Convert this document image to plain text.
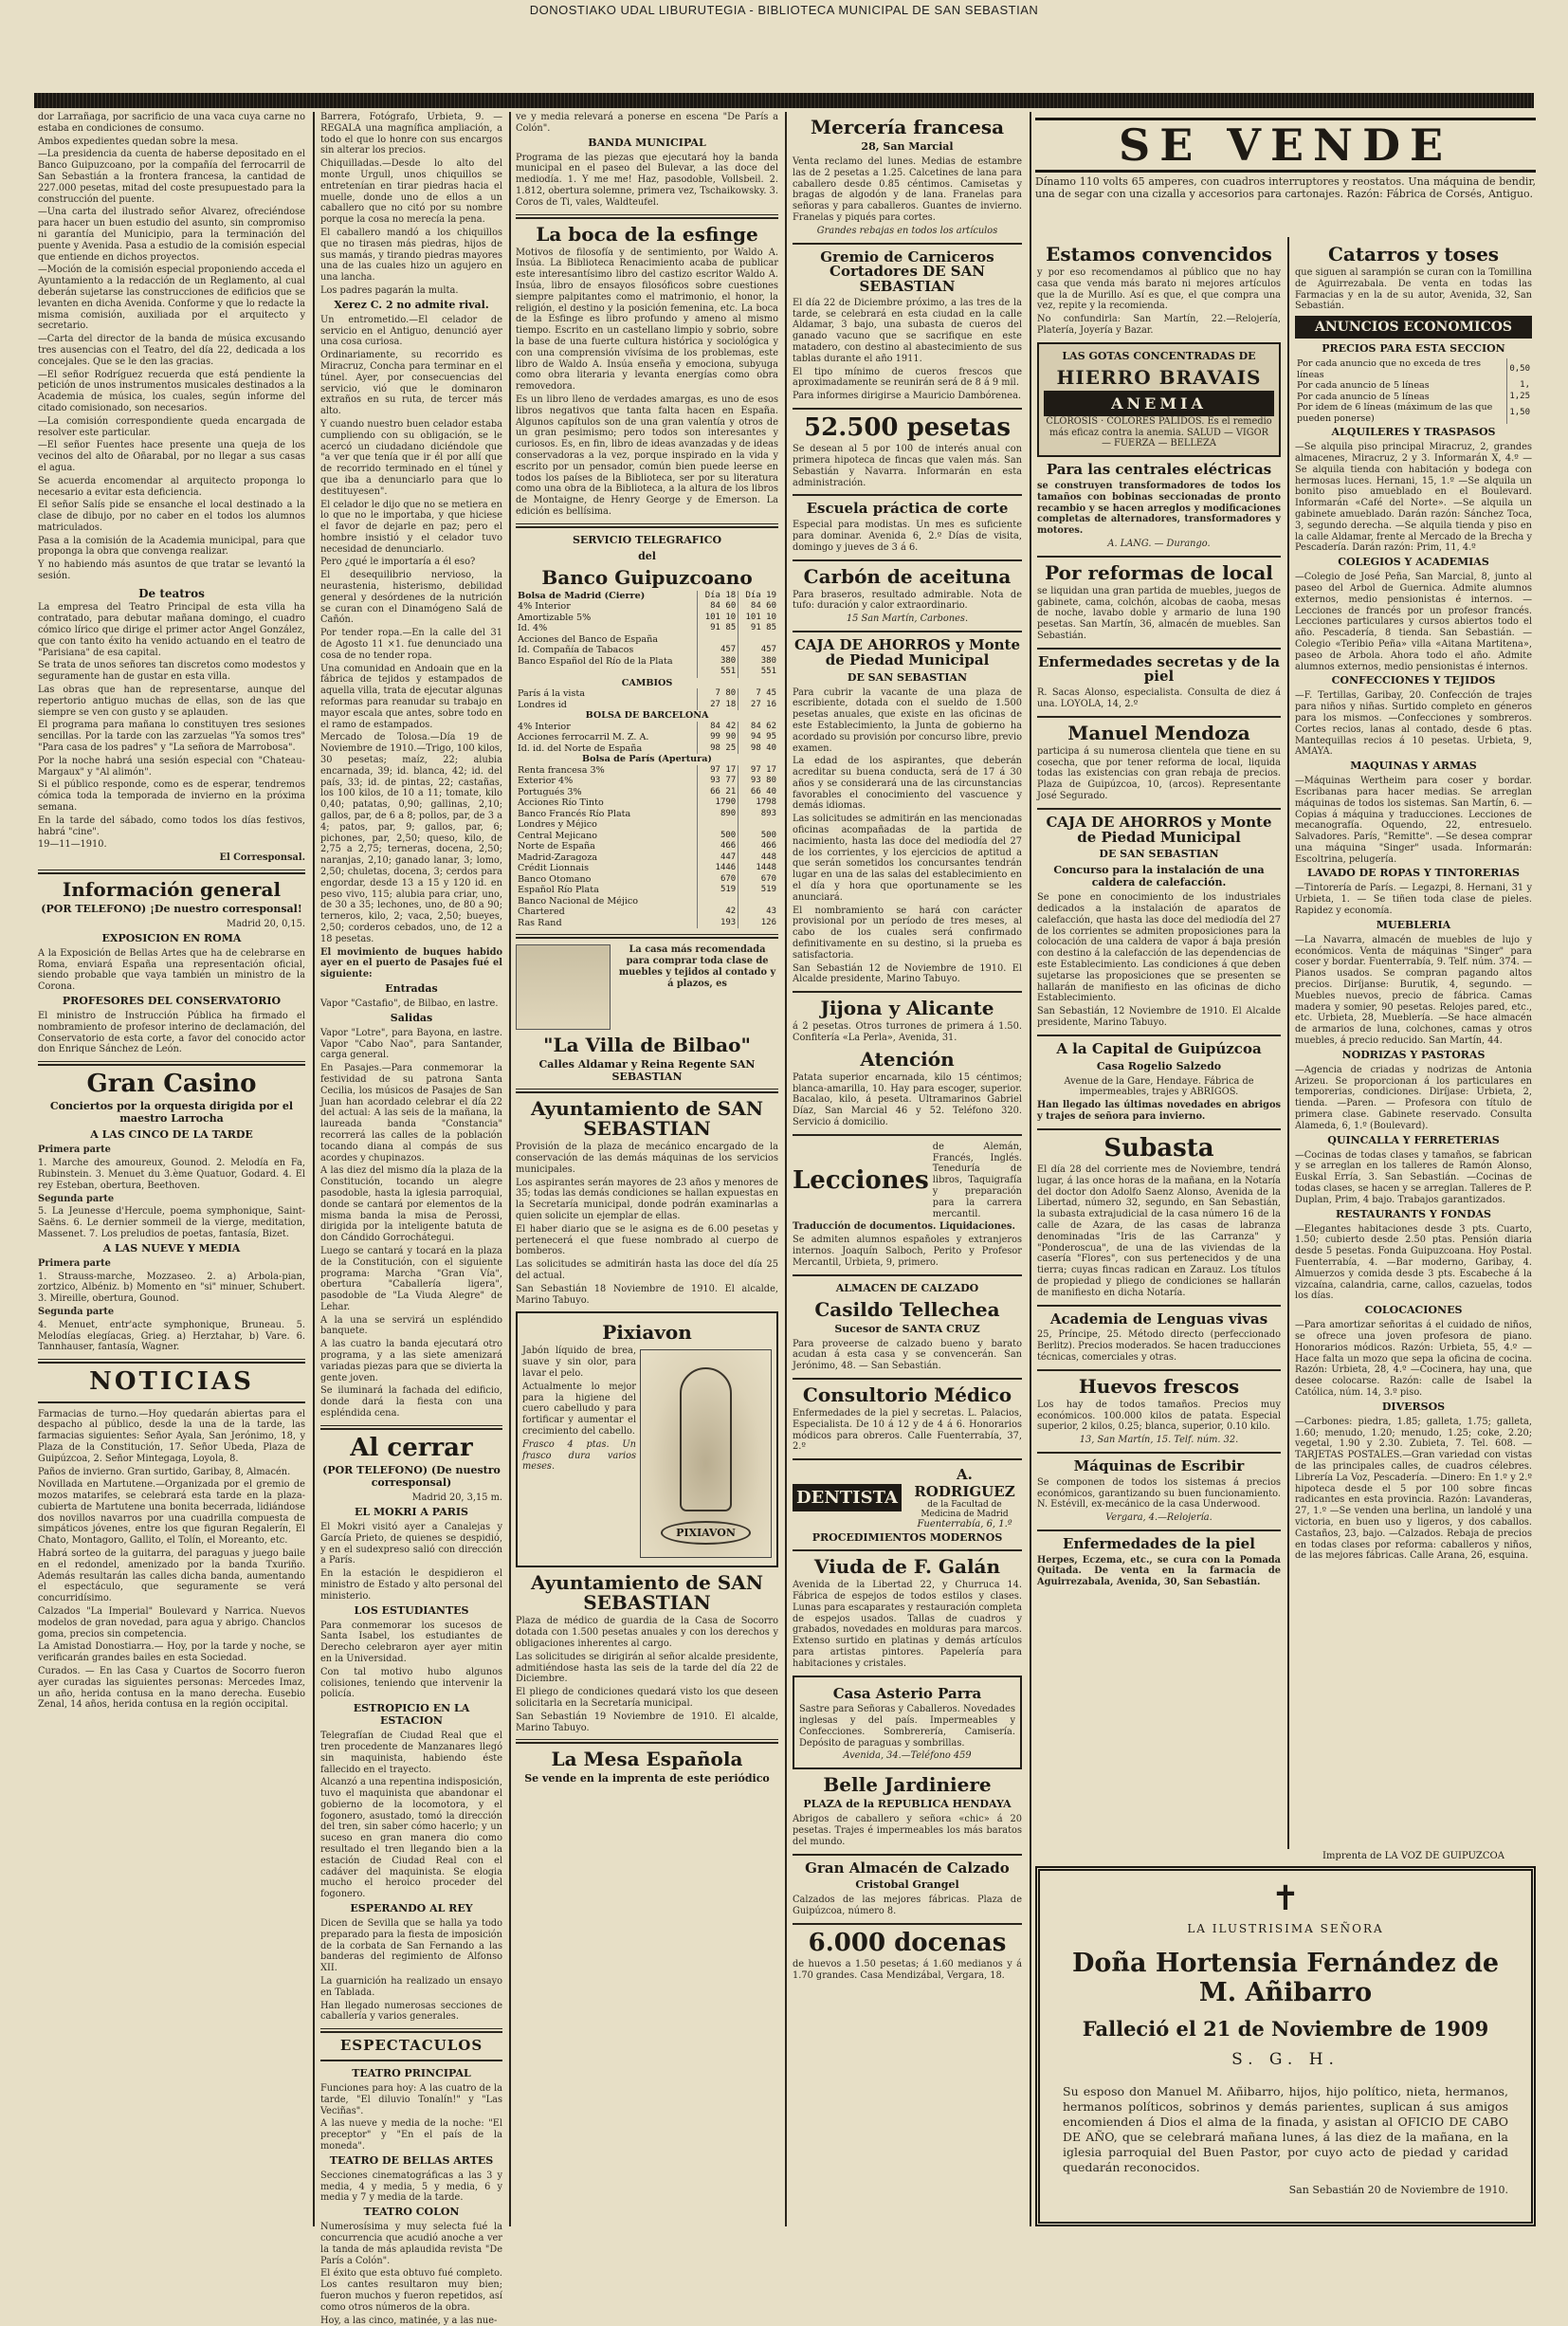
DONOSTIAKO UDAL LIBURUTEGIA - BIBLIOTECA MUNICIPAL DE SAN SEBASTIAN

dor Larrañaga, por sacrificio de una vaca cuya carne no estaba en condiciones de consumo.

Ambos expedientes quedan sobre la mesa.

—La presidencia da cuenta de haberse depositado en el Banco Guipuzcoano, por la compañía del ferrocarril de San Sebastián a la frontera francesa, la cantidad de 227.000 pesetas, mitad del coste presupuestado para la construcción del puente.

—Una carta del ilustrado señor Alvarez, ofreciéndose para hacer un buen estudio del asunto, sin compromiso ni garantía del Municipio, para la terminación del puente y Avenida. Pasa a estudio de la comisión especial que entiende en dichos proyectos.

—Moción de la comisión especial proponiendo acceda el Ayuntamiento a la redacción de un Reglamento, al cual deberán sujetarse las construcciones de edificios que se levanten en dicha Avenida. Conforme y que lo redacte la misma comisión, auxiliada por el arquitecto y secretario.

—Carta del director de la banda de música excusando tres ausencias con el Teatro, del día 22, dedicada a los concejales. Que se le den las gracias.

—El señor Rodríguez recuerda que está pendiente la petición de unos instrumentos musicales destinados a la Academia de música, los cuales, según informe del citado comisionado, son necesarios.

—La comisión correspondiente queda encargada de resolver este particular.

—El señor Fuentes hace presente una queja de los vecinos del alto de Oñarabal, por no llegar a sus casas el agua.

Se acuerda encomendar al arquitecto proponga lo necesario a evitar esta deficiencia.

El señor Salís pide se ensanche el local destinado a la clase de dibujo, por no caber en el todos los alumnos matriculados.

Pasa a la comisión de la Academia municipal, para que proponga la obra que convenga realizar.

Y no habiendo más asuntos de que tratar se levantó la sesión.

De teatros

La empresa del Teatro Principal de esta villa ha contratado, para debutar mañana domingo, el cuadro cómico lírico que dirige el primer actor Angel González, que con tanto éxito ha venido actuando en el teatro de "Parisiana" de esa capital.

Se trata de unos señores tan discretos como modestos y seguramente han de gustar en esta villa.

Las obras que han de representarse, aunque del repertorio antiguo muchas de ellas, son de las que siempre se ven con gusto y se aplauden.

El programa para mañana lo constituyen tres sesiones sencillas. Por la tarde con las zarzuelas "Ya somos tres" "Para casa de los padres" y "La señora de Marrobosa".

Por la noche habrá una sesión especial con "Chateau-Margaux" y "Al alimón".

Si el público responde, como es de esperar, tendremos cómica toda la temporada de invierno en la próxima semana.

En la tarde del sábado, como todos los días festivos, habrá "cine".

19—11—1910.

El Corresponsal.

Información general
(POR TELEFONO) ¡De nuestro corresponsal!

Madrid 20, 0,15.

EXPOSICION EN ROMA

A la Exposición de Bellas Artes que ha de celebrarse en Roma, enviará España una representación oficial, siendo probable que vaya también un ministro de la Corona.

PROFESORES DEL CONSERVATORIO

El ministro de Instrucción Pública ha firmado el nombramiento de profesor interino de declamación, del Conservatorio de esta corte, a favor del conocido actor don Enrique Sánchez de León.

Gran Casino
Conciertos por la orquesta dirigida por el maestro Larrocha
A LAS CINCO DE LA TARDE

Primera parte

1. Marche des amoureux, Gounod. 2. Melodía en Fa, Rubinstein. 3. Menuet du 3.ème Quatuor, Godard. 4. El rey Esteban, obertura, Beethoven.

Segunda parte

5. La Jeunesse d'Hercule, poema symphonique, Saint-Saëns. 6. Le dernier sommeil de la vierge, meditation, Massenet. 7. Los preludios de poetas, fantasía, Bizet.

A LAS NUEVE Y MEDIA

Primera parte

1. Strauss-marche, Mozzaseo. 2. a) Arbola-pian, zortzico, Albéniz. b) Momento en "si" minuer, Schubert. 3. Mireille, obertura, Gounod.

Segunda parte

4. Menuet, entr'acte symphonique, Bruneau. 5. Melodías elegíacas, Grieg. a) Herztahar, b) Vare. 6. Tannhauser, fantasía, Wagner.

NOTICIAS

Farmacias de turno.—Hoy quedarán abiertas para el despacho al público, desde la una de la tarde, las farmacias siguientes: Señor Ayala, San Jerónimo, 18, y Plaza de la Constitución, 17. Señor Ubeda, Plaza de Guipúzcoa, 2. Señor Mintegaga, Loyola, 8.

Paños de invierno. Gran surtido, Garibay, 8, Almacén.

Novillada en Martutene.—Organizada por el gremio de mozos matarifes, se celebrará esta tarde en la plaza-cubierta de Martutene una bonita becerrada, lidiándose dos novillos navarros por una cuadrilla compuesta de simpáticos jóvenes, entre los que figuran Regalerín, El Chato, Montagoro, Gallito, el Tolín, el Moreanto, etc.

Habrá sorteo de la guitarra, del paraguas y juego baile en el redondel, amenizado por la banda Txuriño. Además resultarán las calles dicha banda, aumentando el espectáculo, que seguramente se verá concurridísimo.

Calzados "La Imperial" Boulevard y Narrica. Nuevos modelos de gran novedad, para agua y abrigo. Chanclos goma, precios sin competencia.

La Amistad Donostiarra.— Hoy, por la tarde y noche, se verificarán grandes bailes en esta Sociedad.

Curados. — En las Casa y Cuartos de Socorro fueron ayer curadas las siguientes personas: Mercedes Imaz, un año, herida contusa en la mano derecha. Eusebio Zenal, 14 años, herida contusa en la región occipital.

Barrera, Fotógrafo, Urbieta, 9. — REGALA una magnífica ampliación, a todo el que lo honre con sus encargos sin alterar los precios.

Chiquilladas.—Desde lo alto del monte Urgull, unos chiquillos se entretenían en tirar piedras hacia el muelle, donde uno de ellos a un caballero que no citó por su nombre porque la cosa no merecía la pena.

El caballero mandó a los chiquillos que no tirasen más piedras, hijos de sus mamás, y tirando piedras mayores una de las cuales hizo un agujero en una lancha.

Los padres pagarán la multa.

Xerez C. 2 no admite rival.

Un entrometido.—El celador de servicio en el Antiguo, denunció ayer una cosa curiosa.

Ordinariamente, su recorrido es Miracruz, Concha para terminar en el túnel. Ayer, por consecuencias del servicio, vió que le dominaron extraños en su ruta, de tercer más alto.

Y cuando nuestro buen celador estaba cumpliendo con su obligación, se le acercó un ciudadano diciéndole que "a ver que tenía que ir él por allí que de recorrido terminado en el túnel y que iba a denunciarlo para que lo destituyesen".

El celador le dijo que no se metiera en lo que no le importaba, y que hiciese el favor de dejarle en paz; pero el hombre insistió y el celador tuvo necesidad de denunciarlo.

Pero ¿qué le importaría a él eso?

El desequilibrio nervioso, la neurastenia, histerismo, debilidad general y desórdenes de la nutrición se curan con el Dinamógeno Salá de Cañón.

Por tender ropa.—En la calle del 31 de Agosto 11 ×1. fue denunciado una cosa de no tender ropa.

Una comunidad en Andoain que en la fábrica de tejidos y estampados de aquella villa, trata de ejecutar algunas reformas para reanudar su trabajo en mayor escala que antes, sobre todo en el ramo de estampados.

Mercado de Tolosa.—Día 19 de Noviembre de 1910.—Trigo, 100 kilos, 30 pesetas; maíz, 22; alubia encarnada, 39; id. blanca, 42; id. del país, 33; id. de pintas, 22; castañas, los 100 kilos, de 10 a 11; tomate, kilo 0,40; patatas, 0,90; gallinas, 2,10; gallos, par, de 6 a 8; pollos, par, de 3 a 4; patos, par, 9; gallos, par, 6; pichones, par, 2,50; queso, kilo, de 2,75 a 2,75; terneras, docena, 2,50; naranjas, 2,10; ganado lanar, 3; lomo, 2,50; chuletas, docena, 3; cerdos para engordar, desde 13 a 15 y 120 id. en peso vivo, 115; alubia para criar, uno, de 30 a 35; lechones, uno, de 80 a 90; terneros, kilo, 2; vaca, 2,50; bueyes, 2,50; corderos cebados, uno, de 12 a 18 pesetas.

El movimiento de buques habido ayer en el puerto de Pasajes fué el siguiente:

Entradas

Vapor "Castafio", de Bilbao, en lastre.

Salidas

Vapor "Lotre", para Bayona, en lastre. Vapor "Cabo Nao", para Santander, carga general.

En Pasajes.—Para conmemorar la festividad de su patrona Santa Cecilia, los músicos de Pasajes de San Juan han acordado celebrar el día 22 del actual: A las seis de la mañana, la laureada banda "Constancia" recorrerá las calles de la población tocando diana al compás de sus acordes y chupinazos.

A las diez del mismo día la plaza de la Constitución, tocando un alegre pasodoble, hasta la iglesia parroquial, donde se cantará por elementos de la misma banda la misa de Perossi, dirigida por la inteligente batuta de don Cándido Gorrochátegui.

Luego se cantará y tocará en la plaza de la Constitución, con el siguiente programa: Marcha "Gran Vía", obertura "Caballería ligera", pasodoble de "La Viuda Alegre" de Lehar.

A la una se servirá un espléndido banquete.

A las cuatro la banda ejecutará otro programa, y a las siete amenizará variadas piezas para que se divierta la gente joven.

Se iluminará la fachada del edificio, donde dará la fiesta con una espléndida cena.

Al cerrar
(POR TELEFONO) (De nuestro corresponsal)

Madrid 20, 3,15 m.

EL MOKRI A PARIS

El Mokri visitó ayer a Canalejas y García Prieto, de quienes se despidió, y en el sudexpreso salió con dirección a París.

En la estación le despidieron el ministro de Estado y alto personal del ministerio.

LOS ESTUDIANTES

Para conmemorar los sucesos de Santa Isabel, los estudiantes de Derecho celebraron ayer ayer mitin en la Universidad.

Con tal motivo hubo algunos colisiones, teniendo que intervenir la policía.

ESTROPICIO EN LA ESTACION

Telegrafían de Ciudad Real que el tren procedente de Manzanares llegó sin maquinista, habiendo éste fallecido en el trayecto.

Alcanzó a una repentina indisposición, tuvo el maquinista que abandonar el gobierno de la locomotora, y el fogonero, asustado, tomó la dirección del tren, sin saber cómo hacerlo; y un suceso en gran manera dio como resultado el tren llegando bien a la estación de Ciudad Real con el cadáver del maquinista. Se elogia mucho el heroico proceder del fogonero.

ESPERANDO AL REY

Dicen de Sevilla que se halla ya todo preparado para la fiesta de imposición de la corbata de San Fernando a las banderas del regimiento de Alfonso XII.

La guarnición ha realizado un ensayo en Tablada.

Han llegado numerosas secciones de caballería y varios generales.

ESPECTACULOS
TEATRO PRINCIPAL

Funciones para hoy: A las cuatro de la tarde, "El diluvio Tonalín!" y "Las Veciñas".

A las nueve y media de la noche: "El preceptor" y "En el país de la moneda".

TEATRO DE BELLAS ARTES

Secciones cinematográficas a las 3 y media, 4 y media, 5 y media, 6 y media y 7 y media de la tarde.

TEATRO COLON

Numerosísima y muy selecta fué la concurrencia que acudió anoche a ver la tanda de más aplaudida revista "De París a Colón".

El éxito que esta obtuvo fué completo. Los cantes resultaron muy bien; fueron muchos y fueron repetidos, así como otros números de la obra.

Hoy, a las cinco, matinée, y a las nue-

ve y media relevará a ponerse en escena "De París a Colón".

BANDA MUNICIPAL

Programa de las piezas que ejecutará hoy la banda municipal en el paseo del Bulevar, a las doce del mediodía. 1. Y me me! Haz, pasodoble, Vollsbeil. 2. 1.812, obertura solemne, primera vez, Tschaikowsky. 3. Coros de Ti, vales, Waldteufel.

La boca de la esfinge

Motivos de filosofía y de sentimiento, por Waldo A. Insúa. La Biblioteca Renacimiento acaba de publicar este interesantísimo libro del castizo escritor Waldo A. Insúa, libro de ensayos filosóficos sobre cuestiones siempre palpitantes como el matrimonio, el honor, la religión, el destino y la posición femenina, etc. La boca de la Esfinge es libro profundo y ameno al mismo tiempo. Escrito en un castellano limpio y sobrio, sobre la base de una fuerte cultura histórica y sociológica y con una comprensión vivísima de los problemas, este libro de Waldo A. Insúa enseña y emociona, subyuga como obra literaria y levanta energías como obra removedora.

Es un libro lleno de verdades amargas, es uno de esos libros negativos que tanta falta hacen en España. Algunos capítulos son de una gran valentía y otros de un gran pesimismo; pero todos son interesantes y curiosos. Es, en fin, libro de ideas avanzadas y de ideas conservadoras a la vez, porque inspirado en la vida y escrito por un pensador, común bien puede leerse en todos los países de la Biblioteca, ser por su literatura como una obra de la Biblioteca, a la altura de los libros de Montaigne, de Henry George y de Emerson. La edición es bellísima.

SERVICIO TELEGRAFICO
del
Banco Guipuzcoano
Bolsa de Madrid (Cierre)	Día 18	Día 19
4% Interior	84 60	84 60
Amortizable 5%	101 10	101 10
Id. 4%	91 85	91 85
Acciones del Banco de España		
Id. Compañía de Tabacos	457	457
Banco Español del Río de la Plata	380	380
	551	551
CAMBIOS		
París á la vista	7 80	7 45
Londres id	27 18	27 16
BOLSA DE BARCELONA		
4% Interior	84 42	84 62
Acciones ferrocarril M. Z. A.	99 90	94 95
Id. id. del Norte de España	98 25	98 40
Bolsa de París (Apertura)		
Renta francesa 3%	97 17	97 17
Exterior 4%	93 77	93 80
Portugués 3%	66 21	66 40
Acciones Río Tinto	1790	1798
Banco Francés Río Plata	890	893
Londres y Méjico		
Central Mejicano	500	500
Norte de España	466	466
Madrid-Zaragoza	447	448
Crédit Lionnais	1446	1448
Banco Otomano	670	670
Español Río Plata	519	519
Banco Nacional de Méjico		
Chartered	42	43
Ras Rand	193	126

La casa más recomendada para comprar toda clase de muebles y tejidos al contado y á plazos, es

"La Villa de Bilbao"
Calles Aldamar y Reina Regente SAN SEBASTIAN
Ayuntamiento de SAN SEBASTIAN

Provisión de la plaza de mecánico encargado de la conservación de las demás máquinas de los servicios municipales.

Los aspirantes serán mayores de 23 años y menores de 35; todas las demás condiciones se hallan expuestas en la Secretaría municipal, donde podrán examinarlas a quien solicite un ejemplar de ellas.

El haber diario que se le asigna es de 6.00 pesetas y pertenecerá el que fuese nombrado al cuerpo de bomberos.

Las solicitudes se admitirán hasta las doce del día 25 del actual.

San Sebastián 18 Noviembre de 1910. El alcalde, Marino Tabuyo.

Pixiavon

Jabón líquido de brea, suave y sin olor, para lavar el pelo.

Actualmente lo mejor para la higiene del cuero cabelludo y para fortificar y aumentar el crecimiento del cabello.

Frasco 4 ptas. Un frasco dura varios meses.

PIXIAVON
Ayuntamiento de SAN SEBASTIAN

Plaza de médico de guardia de la Casa de Socorro dotada con 1.500 pesetas anuales y con los derechos y obligaciones inherentes al cargo.

Las solicitudes se dirigirán al señor alcalde presidente, admitiéndose hasta las seis de la tarde del día 22 de Diciembre.

El pliego de condiciones quedará visto los que deseen solicitarla en la Secretaría municipal.

San Sebastián 19 Noviembre de 1910. El alcalde, Marino Tabuyo.

La Mesa Española
Se vende en la imprenta de este periódico
Mercería francesa
28, San Marcial

Venta reclamo del lunes. Medias de estambre las de 2 pesetas a 1.25. Calcetines de lana para caballero desde 0.85 céntimos. Camisetas y bragas de algodón y de lana. Franelas para señoras y para caballeros. Guantes de invierno. Franelas y piqués para cortes.

Grandes rebajas en todos los artículos

Gremio de Carniceros Cortadores DE SAN SEBASTIAN

El día 22 de Diciembre próximo, a las tres de la tarde, se celebrará en esta ciudad en la calle Aldamar, 3 bajo, una subasta de cueros del ganado vacuno que se sacrifique en este matadero, con destino al abastecimiento de sus tablas durante el año 1911.

El tipo mínimo de cueros frescos que aproximadamente se reunirán será de 8 á 9 mil.

Para informes dirigirse a Mauricio Dambórenea.

52.500 pesetas

Se desean al 5 por 100 de interés anual con primera hipoteca de fincas que valen más. San Sebastián y Navarra. Informarán en esta administración.

Escuela práctica de corte

Especial para modistas. Un mes es suficiente para dominar. Avenida 6, 2.º Días de visita, domingo y jueves de 3 á 6.

Carbón de aceituna

Para braseros, resultado admirable. Nota de tufo: duración y calor extraordinario.

15 San Martín, Carbones.

CAJA DE AHORROS y Monte de Piedad Municipal
DE SAN SEBASTIAN

Para cubrir la vacante de una plaza de escribiente, dotada con el sueldo de 1.500 pesetas anuales, que existe en las oficinas de este Establecimiento, la Junta de gobierno ha acordado su provisión por concurso libre, previo examen.

La edad de los aspirantes, que deberán acreditar su buena conducta, será de 17 á 30 años y se considerará una de las circunstancias favorables el conocimiento del vascuence y demás idiomas.

Las solicitudes se admitirán en las mencionadas oficinas acompañadas de la partida de nacimiento, hasta las doce del mediodía del 27 de los corrientes, y los ejercicios de aptitud a que serán sometidos los concursantes tendrán lugar en una de las salas del establecimiento en el día y hora que oportunamente se les anunciará.

El nombramiento se hará con carácter provisional por un período de tres meses, al cabo de los cuales será confirmado definitivamente en su destino, si la prueba es satisfactoria.

San Sebastián 12 de Noviembre de 1910. El Alcalde presidente, Marino Tabuyo.

Jijona y Alicante

á 2 pesetas. Otros turrones de primera á 1.50. Confitería «La Perla», Avenida, 31.

Atención

Patata superior encarnada, kilo 15 céntimos; blanca-amarilla, 10. Hay para escoger, superior. Bacalao, kilo, á peseta. Ultramarinos Gabriel Díaz, San Marcial 46 y 52. Teléfono 320. Servicio á domicilio.

Lecciones

de Alemán, Francés, Inglés. Teneduría de libros, Taquigrafía y preparación para la carrera mercantil.

Traducción de documentos. Liquidaciones.

Se admiten alumnos españoles y extranjeros internos. Joaquín Salboch, Perito y Profesor Mercantil, Urbieta, 9, primero.

ALMACEN DE CALZADO
Casildo Tellechea
Sucesor de SANTA CRUZ

Para proveerse de calzado bueno y barato acudan á esta casa y se convencerán. San Jerónimo, 48. — San Sebastián.

Consultorio Médico

Enfermedades de la piel y secretas. L. Palacios, Especialista. De 10 á 12 y de 4 á 6. Honorarios módicos para obreros. Calle Fuenterrabía, 37, 2.º

DENTISTA
A. RODRIGUEZ
de la Facultad de Medicina de Madrid
Fuenterrabía, 6, 1.º
PROCEDIMIENTOS MODERNOS
Viuda de F. Galán

Avenida de la Libertad 22, y Churruca 14. Fábrica de espejos de todos estilos y clases. Lunas para escaparates y restauración completa de espejos usados. Tallas de cuadros y grabados, novedades en molduras para marcos. Extenso surtido en platinas y demás artículos para artistas pintores. Papelería para habitaciones y cristales.

Casa Asterio Parra

Sastre para Señoras y Caballeros. Novedades inglesas y del país. Impermeables y Confecciones. Sombrerería, Camisería. Depósito de paraguas y sombrillas.

Avenida, 34.—Teléfono 459

Belle Jardiniere
PLAZA de la REPUBLICA HENDAYA

Abrigos de caballero y señora «chic» á 20 pesetas. Trajes é impermeables los más baratos del mundo.

Gran Almacén de Calzado
Cristobal Grangel

Calzados de las mejores fábricas. Plaza de Guipúzcoa, número 8.

6.000 docenas

de huevos a 1.50 pesetas; á 1.60 medianos y á 1.70 grandes. Casa Mendizábal, Vergara, 18.

SE VENDE

Dínamo 110 volts 65 amperes, con cuadros interruptores y reostatos. Una máquina de bendir, una de segar con una cizalla y accesorios para cartonajes. Razón: Fábrica de Corsés, Antiguo.

Estamos convencidos

y por eso recomendamos al público que no hay casa que venda más barato ni mejores artículos que la de Murillo. Así es que, el que compra una vez, repite y la recomienda.

No confundirla: San Martín, 22.—Relojería, Platería, Joyería y Bazar.

LAS GOTAS CONCENTRADAS DE
HIERRO BRAVAIS
ANEMIA

CLOROSIS · COLORES PALIDOS. Es el remedio más eficaz contra la anemia. SALUD — VIGOR — FUERZA — BELLEZA

Para las centrales eléctricas

se construyen transformadores de todos los tamaños con bobinas seccionadas de pronto recambio y se hacen arreglos y modificaciones completas de alternadores, transformadores y motores.

A. LANG. — Durango.

Por reformas de local

se liquidan una gran partida de muebles, juegos de gabinete, cama, colchón, alcobas de caoba, mesas de noche, lavabo doble y armario de luna 190 pesetas. San Martín, 36, almacén de muebles. San Sebastián.

Enfermedades secretas y de la piel

R. Sacas Alonso, especialista. Consulta de diez á una. LOYOLA, 14, 2.º

Manuel Mendoza

participa á su numerosa clientela que tiene en su cosecha, que por tener reforma de local, liquida todas las existencias con gran rebaja de precios. Plaza de Guipúzcoa, 10, (arcos). Representante José Segurado.

CAJA DE AHORROS y Monte de Piedad Municipal
DE SAN SEBASTIAN
Concurso para la instalación de una caldera de calefacción.

Se pone en conocimiento de los industriales dedicados a la instalación de aparatos de calefacción, que hasta las doce del mediodía del 27 de los corrientes se admiten proposiciones para la colocación de una caldera de vapor á baja presión con destino á la calefacción de las dependencias de este Establecimiento. Las condiciones á que deben sujetarse las proposiciones que se presenten se hallarán de manifiesto en las oficinas de dicho Establecimiento.

San Sebastián, 12 Noviembre de 1910. El Alcalde presidente, Marino Tabuyo.

A la Capital de Guipúzcoa
Casa Rogelio Salzedo

Avenue de la Gare, Hendaye. Fábrica de impermeables, trajes y ABRIGOS.

Han llegado las últimas novedades en abrigos y trajes de señora para invierno.

Subasta

El día 28 del corriente mes de Noviembre, tendrá lugar, á las once horas de la mañana, en la Notaría del doctor don Adolfo Saenz Alonso, Avenida de la Libertad, número 32, segundo, en San Sebastián, la subasta extrajudicial de la casa número 16 de la calle de Azara, de las casas de labranza denominadas "Iris de las Carranza" y "Ponderoscua", de una de las viviendas de la casería "Flores", con sus pertenecidos y de una tierra; cuyas fincas radican en Zarauz. Los títulos de propiedad y pliego de condiciones se hallarán de manifiesto en dicha Notaría.

Academia de Lenguas vivas

25, Príncipe, 25. Método directo (perfeccionado Berlitz). Precios moderados. Se hacen traducciones técnicas, comerciales y otras.

Huevos frescos

Los hay de todos tamaños. Precios muy económicos. 100.000 kilos de patata. Especial superior, 2 kilos, 0.25; blanca, superior, 0.10 kilo.

13, San Martín, 15. Telf. núm. 32.

Máquinas de Escribir

Se componen de todos los sistemas á precios económicos, garantizando su buen funcionamiento. N. Estévill, ex-mecánico de la casa Underwood.

Vergara, 4.—Relojería.

Enfermedades de la piel

Herpes, Eczema, etc., se cura con la Pomada Quitada. De venta en la farmacia de Aguirrezabala, Avenida, 30, San Sebastián.

Catarros y toses

que siguen al sarampión se curan con la Tomillina de Aguirrezabala. De venta en todas las Farmacias y en la de su autor, Avenida, 32, San Sebastián.

ANUNCIOS ECONOMICOS
PRECIOS PARA ESTA SECCION
Por cada anuncio que no exceda de tres líneas	0,50
Por cada anuncio de 5 líneas	1,
Por cada anuncio de 5 líneas	1,25
Por idem de 6 líneas (máximum de las que pueden ponerse)	1,50
ALQUILERES Y TRASPASOS

—Se alquila piso principal Miracruz, 2, grandes almacenes, Miracruz, 2 y 3. Informarán X, 4.º —Se alquila tienda con habitación y bodega con hermosas luces. Hernani, 15, 1.º —Se alquila un bonito piso amueblado en el Boulevard. Informarán «Café del Norte». —Se alquila un gabinete amueblado. Darán razón: Sánchez Toca, 3, segundo derecha. —Se alquila tienda y piso en la calle Aldamar, frente al Mercado de la Brecha y Pescadería. Darán razón: Prim, 11, 4.º

COLEGIOS Y ACADEMIAS

—Colegio de José Peña, San Marcial, 8, junto al paseo del Arbol de Guernica. Admite alumnos externos, medio pensionistas é internos. —Lecciones de francés por un profesor francés. Lecciones particulares y cursos abiertos todo el año. Pescadería, 8 tienda. San Sebastián. —Colegio «Teribio Peña» villa «Aitana Martitena», paseo de Arbola. Ahora todo el año. Admite alumnos externos, medio pensionistas é internos.

CONFECCIONES Y TEJIDOS

—F. Tertillas, Garibay, 20. Confección de trajes para niños y niñas. Surtido completo en géneros para los mismos. —Confecciones y sombreros. Cortes recios, lanas al contado, desde 6 ptas. Mantequillas recios á 10 pesetas. Urbieta, 9, AMAYA.

MAQUINAS Y ARMAS

—Máquinas Wertheim para coser y bordar. Escribanas para hacer medias. Se arreglan máquinas de todos los sistemas. San Martín, 6. —Copias á máquina y traducciones. Lecciones de mecanografía. Oquendo, 22, entresuelo. Salvadores. París, "Remitte". —Se desea comprar una máquina "Singer" usada. Informarán: Escoltrina, pelugería.

LAVADO DE ROPAS Y TINTORERIAS

—Tintorería de París. — Legazpi, 8. Hernani, 31 y Urbieta, 1. — Se tiñen toda clase de pieles. Rapidez y economía.

MUEBLERIA

—La Navarra, almacén de muebles de lujo y económicos. Venta de máquinas "Singer" para coser y bordar. Fuenterrabía, 9. Telf. núm. 374. —Pianos usados. Se compran pagando altos precios. Diríjanse: Burutik, 4, segundo. —Muebles nuevos, precio de fábrica. Camas madera y somier, 90 pesetas. Relojes pared, etc., etc. Urbieta, 28, Mueblería. —Se hace almacén de armarios de luna, colchones, camas y otros muebles, á precio reducido. San Martín, 44.

NODRIZAS Y PASTORAS

—Agencia de criadas y nodrizas de Antonia Arizeu. Se proporcionan á los particulares en temporerias, condiciones. Diríjase: Urbieta, 2, tienda. —Paren. — Profesora con título de primera clase. Gabinete reservado. Consulta Alameda, 6, 1.º (Boulevard).

QUINCALLA Y FERRETERIAS

—Cocinas de todas clases y tamaños, se fabrican y se arreglan en los talleres de Ramón Alonso, Euskal Erría, 3. San Sebastián. —Cocinas de todas clases, se hacen y se arreglan. Talleres de P. Duplan, Prim, 4 bajo. Trabajos garantizados.

RESTAURANTS Y FONDAS

—Elegantes habitaciones desde 3 pts. Cuarto, 1.50; cubierto desde 2.50 ptas. Pensión diaria desde 5 pesetas. Fonda Guipuzcoana. Hoy Postal. Fuenterrabía, 4. —Bar moderno, Garibay, 4. Almuerzos y comida desde 3 pts. Escabeche á la vizcaína, calandria, carne, callos, cazuelas, todos los días.

COLOCACIONES

—Para amortizar señoritas á el cuidado de niños, se ofrece una joven profesora de piano. Honorarios módicos. Razón: Urbieta, 55, 4.º —Hace falta un mozo que sepa la oficina de cocina. Razón: Urbieta, 28, 4.º —Cocinera, hay una, que desee colocarse. Razón: calle de Isabel la Católica, núm. 14, 3.º piso.

DIVERSOS

—Carbones: piedra, 1.85; galleta, 1.75; galleta, 1.60; menudo, 1.20; menudo, 1.25; coke, 2.20; vegetal, 1.90 y 2.30. Zubieta, 7. Tel. 608. —TARJETAS POSTALES.—Gran variedad con vistas de las principales calles, de cuadros célebres. Librería La Voz, Pescadería. —Dinero: En 1.º y 2.º hipoteca desde el 5 por 100 sobre fincas radicantes en esta provincia. Razón: Lavanderas, 27, 1.º —Se venden una berlina, un landolé y una victoria, en buen uso y ligeros, y dos caballos. Castaños, 23, bajo. —Calzados. Rebaja de precios en todas clases por reforma: caballeros y niños, de las mejores fábricas. Calle Arana, 26, esquina.

Imprenta de LA VOZ DE GUIPUZCOA
✝
LA ILUSTRISIMA SEÑORA
Doña Hortensia Fernández de M. Añibarro
Falleció el 21 de Noviembre de 1909
S. G. H.

Su esposo don Manuel M. Añibarro, hijos, hijo político, nieta, hermanos, hermanos políticos, sobrinos y demás parientes, suplican á sus amigos encomienden á Dios el alma de la finada, y asistan al OFICIO DE CABO DE AÑO, que se celebrará mañana lunes, á las diez de la mañana, en la iglesia parroquial del Buen Pastor, por cuyo acto de piedad y caridad quedarán reconocidos.

San Sebastián 20 de Noviembre de 1910.
